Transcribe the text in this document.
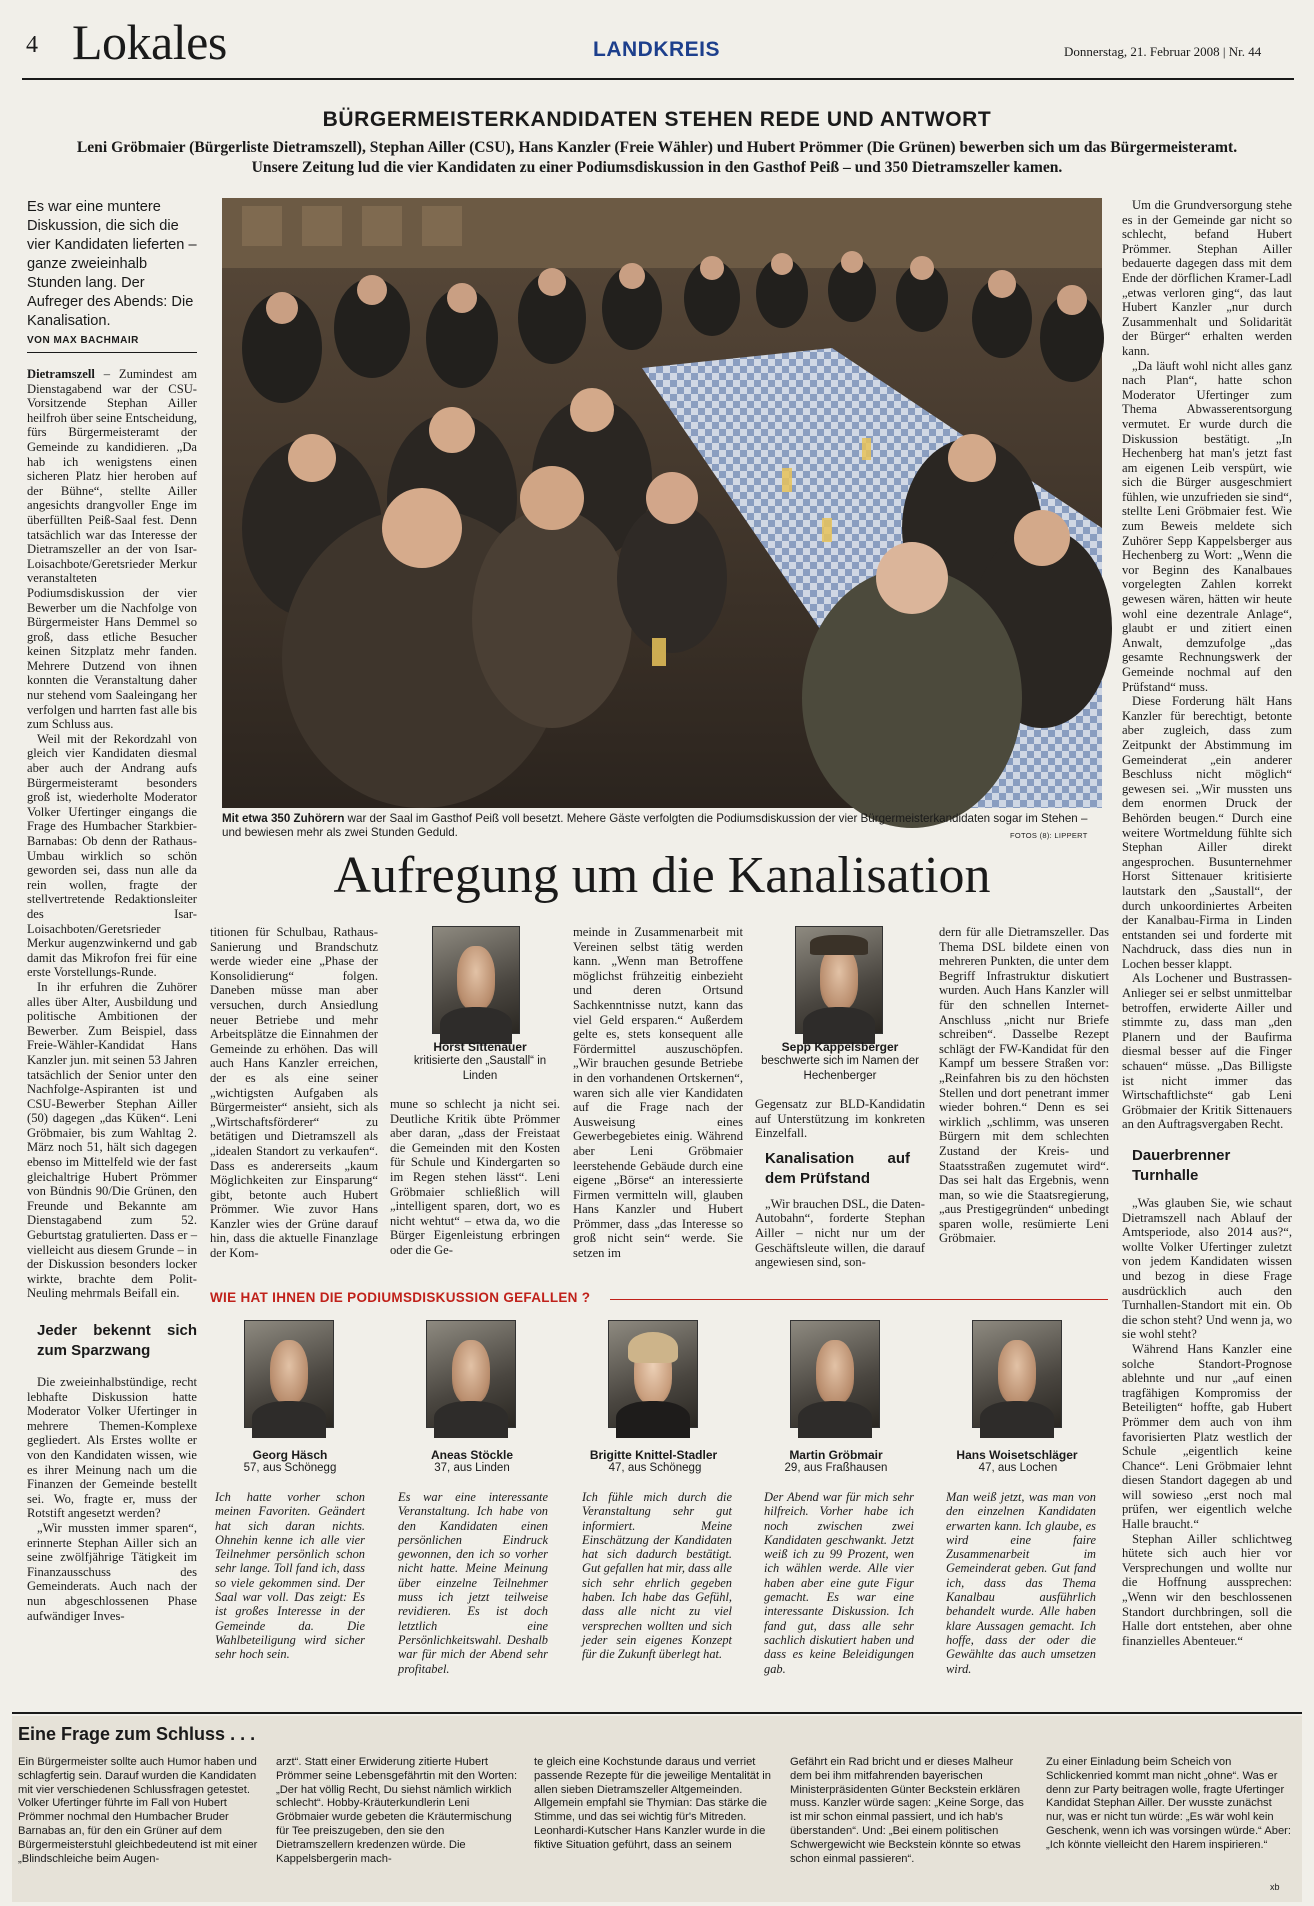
4 Lokales	LANDKREIS	Donnerstag, 21. Februar 2008 | Nr. 44
BÜRGERMEISTERKANDIDATEN STEHEN REDE UND ANTWORT
Leni Gröbmaier (Bürgerliste Dietramszell), Stephan Ailler (CSU), Hans Kanzler (Freie Wähler) und Hubert Prömmer (Die Grünen) bewerben sich um das Bürgermeisteramt.
Unsere Zeitung lud die vier Kandidaten zu einer Podiumsdiskussion in den Gasthof Peiß – und 350 Dietramszeller kamen.
Es war eine muntere Diskussion, die sich die vier Kandidaten lieferten – ganze zweieinhalb Stunden lang. Der Aufreger des Abends: Die Kanalisation.
VON MAX BACHMAIR
Mit etwa 350 Zuhörern war der Saal im Gasthof Peiß voll besetzt. Mehere Gäste verfolgten die Podiumsdiskussion der vier Bürgermeisterkandidaten sogar im Stehen – und bewiesen mehr als zwei Stunden Geduld.	FOTOS (8): LIPPERT
Aufregung um die Kanalisation

Dietramszell – Zumindest am Dienstagabend war der CSU-Vorsitzende Stephan Ailler heilfroh über seine Entscheidung, fürs Bürgermeisteramt der Gemeinde zu kandidieren. „Da hab ich wenigstens einen sicheren Platz hier heroben auf der Bühne“, stellte Ailler angesichts drangvoller Enge im überfüllten Peiß-Saal fest. Denn tatsächlich war das Interesse der Dietramszeller an der von Isar-Loisachbote/Geretsrieder Merkur veranstalteten Podiumsdiskussion der vier Bewerber um die Nachfolge von Bürgermeister Hans Demmel so groß, dass etliche Besucher keinen Sitzplatz mehr fanden. Mehrere Dutzend von ihnen konnten die Veranstaltung daher nur stehend vom Saaleingang her verfolgen und harrten fast alle bis zum Schluss aus.

Weil mit der Rekordzahl von gleich vier Kandidaten diesmal aber auch der Andrang aufs Bürgermeisteramt besonders groß ist, wiederholte Moderator Volker Ufertinger eingangs die Frage des Humbacher Starkbier-Barnabas: Ob denn der Rathaus-Umbau wirklich so schön geworden sei, dass nun alle da rein wollen, fragte der stellvertretende Redaktionsleiter des Isar-Loisachboten/Geretsrieder Merkur augenzwinkernd und gab damit das Mikrofon frei für eine erste Vorstellungs-Runde.

In ihr erfuhren die Zuhörer alles über Alter, Ausbildung und politische Ambitionen der Bewerber. Zum Beispiel, dass Freie-Wähler-Kandidat Hans Kanzler jun. mit seinen 53 Jahren tatsächlich der Senior unter den Nachfolge-Aspiranten ist und CSU-Bewerber Stephan Ailler (50) dagegen „das Küken“. Leni Gröbmaier, bis zum Wahltag 2. März noch 51, hält sich dagegen ebenso im Mittelfeld wie der fast gleichaltrige Hubert Prömmer von Bündnis 90/Die Grünen, den Freunde und Bekannte am Dienstagabend zum 52. Geburtstag gratulierten. Dass er – vielleicht aus diesem Grunde – in der Diskussion besonders locker wirkte, brachte dem Polit-Neuling mehrmals Beifall ein.

Jeder bekennt sich zum Sparzwang

Die zweieinhalbstündige, recht lebhafte Diskussion hatte Moderator Volker Ufertinger in mehrere Themen-Komplexe gegliedert. Als Erstes wollte er von den Kandidaten wissen, wie es ihrer Meinung nach um die Finanzen der Gemeinde bestellt sei. Wo, fragte er, muss der Rotstift angesetzt werden?

„Wir mussten immer sparen“, erinnerte Stephan Ailler sich an seine zwölfjährige Tätigkeit im Finanzausschuss des Gemeinderats. Auch nach der nun abgeschlossenen Phase aufwändiger Inves-

titionen für Schulbau, Rathaus-Sanierung und Brandschutz werde wieder eine „Phase der Konsolidierung“ folgen. Daneben müsse man aber versuchen, durch Ansiedlung neuer Betriebe und mehr Arbeitsplätze die Einnahmen der Gemeinde zu erhöhen. Das will auch Hans Kanzler erreichen, der es als eine seiner „wichtigsten Aufgaben als Bürgermeister“ ansieht, sich als „Wirtschaftsförderer“ zu betätigen und Dietramszell als „idealen Standort zu verkaufen“. Dass es andererseits „kaum Möglichkeiten zur Einsparung“ gibt, betonte auch Hubert Prömmer. Wie zuvor Hans Kanzler wies der Grüne darauf hin, dass die aktuelle Finanzlage der Kom-

Horst Sittenauer
kritisierte den „Saustall“ in Linden

mune so schlecht ja nicht sei. Deutliche Kritik übte Prömmer aber daran, „dass der Freistaat die Gemeinden mit den Kosten für Schule und Kindergarten so im Regen stehen lässt“. Leni Gröbmaier schließlich will „intelligent sparen, dort, wo es nicht wehtut“ – etwa da, wo die Bürger Eigenleistung erbringen oder die Ge-

meinde in Zusammenarbeit mit Vereinen selbst tätig werden kann. „Wenn man Betroffene möglichst frühzeitig einbezieht und deren Ortsund Sachkenntnisse nutzt, kann das viel Geld ersparen.“ Außerdem gelte es, stets konsequent alle Fördermittel auszuschöpfen. „Wir brauchen gesunde Betriebe in den vorhandenen Ortskernen“, waren sich alle vier Kandidaten auf die Frage nach der Ausweisung eines Gewerbegebietes einig. Während aber Leni Gröbmaier leerstehende Gebäude durch eine eigene „Börse“ an interessierte Firmen vermitteln will, glauben Hans Kanzler und Hubert Prömmer, dass „das Interesse so groß nicht sein“ werde. Sie setzen im

Sepp Kappelsberger
beschwerte sich im Namen der Hechenberger

Gegensatz zur BLD-Kandidatin auf Unterstützung im konkreten Einzelfall.

Kanalisation auf dem Prüfstand

„Wir brauchen DSL, die Daten-Autobahn“, forderte Stephan Ailler – nicht nur um der Geschäftsleute willen, die darauf angewiesen sind, son-

dern für alle Dietramszeller. Das Thema DSL bildete einen von mehreren Punkten, die unter dem Begriff Infrastruktur diskutiert wurden. Auch Hans Kanzler will für den schnellen Internet-Anschluss „nicht nur Briefe schreiben“. Dasselbe Rezept schlägt der FW-Kandidat für den Kampf um bessere Straßen vor: „Reinfahren bis zu den höchsten Stellen und dort penetrant immer wieder bohren.“ Denn es sei wirklich „schlimm, was unseren Bürgern mit dem schlechten Zustand der Kreis- und Staatsstraßen zugemutet wird“. Das sei halt das Ergebnis, wenn man, so wie die Staatsregierung, „aus Prestigegründen“ unbedingt sparen wolle, resümierte Leni Gröbmaier.

Um die Grundversorgung stehe es in der Gemeinde gar nicht so schlecht, befand Hubert Prömmer. Stephan Ailler bedauerte dagegen dass mit dem Ende der dörflichen Kramer-Ladl „etwas verloren ging“, das laut Hubert Kanzler „nur durch Zusammenhalt und Solidarität der Bürger“ erhalten werden kann.

„Da läuft wohl nicht alles ganz nach Plan“, hatte schon Moderator Ufertinger zum Thema Abwasserentsorgung vermutet. Er wurde durch die Diskussion bestätigt. „In Hechenberg hat man's jetzt fast am eigenen Leib verspürt, wie sich die Bürger ausgeschmiert fühlen, wie unzufrieden sie sind“, stellte Leni Gröbmaier fest. Wie zum Beweis meldete sich Zuhörer Sepp Kappelsberger aus Hechenberg zu Wort: „Wenn die vor Beginn des Kanalbaues vorgelegten Zahlen korrekt gewesen wären, hätten wir heute wohl eine dezentrale Anlage“, glaubt er und zitiert einen Anwalt, demzufolge „das gesamte Rechnungswerk der Gemeinde nochmal auf den Prüfstand“ muss.

Diese Forderung hält Hans Kanzler für berechtigt, betonte aber zugleich, dass zum Zeitpunkt der Abstimmung im Gemeinderat „ein anderer Beschluss nicht möglich“ gewesen sei. „Wir mussten uns dem enormen Druck der Behörden beugen.“ Durch eine weitere Wortmeldung fühlte sich Stephan Ailler direkt angesprochen. Busunternehmer Horst Sittenauer kritisierte lautstark den „Saustall“, der durch unkoordiniertes Arbeiten der Kanalbau-Firma in Linden entstanden sei und forderte mit Nachdruck, dass dies nun in Lochen besser klappt.

Als Lochener und Bustrassen-Anlieger sei er selbst unmittelbar betroffen, erwiderte Ailler und stimmte zu, dass man „den Planern und der Baufirma diesmal besser auf die Finger schauen“ müsse. „Das Billigste ist nicht immer das Wirtschaftlichste“ gab Leni Gröbmaier der Kritik Sittenauers an den Auftragsvergaben Recht.

Dauerbrenner Turnhalle

„Was glauben Sie, wie schaut Dietramszell nach Ablauf der Amtsperiode, also 2014 aus?“, wollte Volker Ufertinger zuletzt von jedem Kandidaten wissen und bezog in diese Frage ausdrücklich auch den Turnhallen-Standort mit ein. Ob die schon steht? Und wenn ja, wo sie wohl steht?

Während Hans Kanzler eine solche Standort-Prognose ablehnte und nur „auf einen tragfähigen Kompromiss der Beteiligten“ hoffte, gab Hubert Prömmer dem auch von ihm favorisierten Platz westlich der Schule „eigentlich keine Chance“. Leni Gröbmaier lehnt diesen Standort dagegen ab und will sowieso „erst noch mal prüfen, wer eigentlich welche Halle braucht.“

Stephan Ailler schlichtweg hütete sich auch hier vor Versprechungen und wollte nur die Hoffnung aussprechen: „Wenn wir den beschlossenen Standort durchbringen, soll die Halle dort entstehen, aber ohne finanzielles Abenteuer.“

WIE HAT IHNEN DIE PODIUMSDISKUSSION GEFALLEN ?
Georg Häsch
57, aus Schönegg
Ich hatte vorher schon meinen Favoriten. Geändert hat sich daran nichts. Ohnehin kenne ich alle vier Teilnehmer persönlich schon sehr lange. Toll fand ich, dass so viele gekommen sind. Der Saal war voll. Das zeigt: Es ist großes Interesse in der Gemeinde da. Die Wahlbeteiligung wird sicher sehr hoch sein.
Aneas Stöckle
37, aus Linden
Es war eine interessante Veranstaltung. Ich habe von den Kandidaten einen persönlichen Eindruck gewonnen, den ich so vorher nicht hatte. Meine Meinung über einzelne Teilnehmer muss ich jetzt teilweise revidieren. Es ist doch letztlich eine Persönlichkeitswahl. Deshalb war für mich der Abend sehr profitabel.
Brigitte Knittel-Stadler
47, aus Schönegg
Ich fühle mich durch die Veranstaltung sehr gut informiert. Meine Einschätzung der Kandidaten hat sich dadurch bestätigt. Gut gefallen hat mir, dass alle sich sehr ehrlich gegeben haben. Ich habe das Gefühl, dass alle nicht zu viel versprechen wollten und sich jeder sein eigenes Konzept für die Zukunft überlegt hat.
Martin Gröbmair
29, aus Fraßhausen
Der Abend war für mich sehr hilfreich. Vorher habe ich noch zwischen zwei Kandidaten geschwankt. Jetzt weiß ich zu 99 Prozent, wen ich wählen werde. Alle vier haben aber eine gute Figur gemacht. Es war eine interessante Diskussion. Ich fand gut, dass alle sehr sachlich diskutiert haben und dass es keine Beleidigungen gab.
Hans Woisetschläger
47, aus Lochen
Man weiß jetzt, was man von den einzelnen Kandidaten erwarten kann. Ich glaube, es wird eine faire Zusammenarbeit im Gemeinderat geben. Gut fand ich, dass das Thema Kanalbau ausführlich behandelt wurde. Alle haben klare Aussagen gemacht. Ich hoffe, dass der oder die Gewählte das auch umsetzen wird.
Eine Frage zum Schluss . . .
Ein Bürgermeister sollte auch Humor haben und schlagfertig sein. Darauf wurden die Kandidaten mit vier verschiedenen Schlussfragen getestet. Volker Ufertinger führte im Fall von Hubert Prömmer nochmal den Humbacher Bruder Barnabas an, für den ein Grüner auf dem Bürgermeisterstuhl gleichbedeutend ist mit einer „Blindschleiche beim Augen-
arzt“. Statt einer Erwiderung zitierte Hubert Prömmer seine Lebensgefährtin mit den Worten: „Der hat völlig Recht, Du siehst nämlich wirklich schlecht“. Hobby-Kräuterkundlerin Leni Gröbmaier wurde gebeten die Kräutermischung für Tee preiszugeben, den sie den Dietramszellern kredenzen würde. Die Kappelsbergerin mach-
te gleich eine Kochstunde daraus und verriet passende Rezepte für die jeweilige Mentalität in allen sieben Dietramszeller Altgemeinden. Allgemein empfahl sie Thymian: Das stärke die Stimme, und das sei wichtig für's Mitreden. Leonhardi-Kutscher Hans Kanzler wurde in die fiktive Situation geführt, dass an seinem
Gefährt ein Rad bricht und er dieses Malheur dem bei ihm mitfahrenden bayerischen Ministerpräsidenten Günter Beckstein erklären muss. Kanzler würde sagen: „Keine Sorge, das ist mir schon einmal passiert, und ich hab's überstanden“. Und: „Bei einem politischen Schwergewicht wie Beckstein könnte so etwas schon einmal passieren“.
Zu einer Einladung beim Scheich von Schlickenried kommt man nicht „ohne“. Was er denn zur Party beitragen wolle, fragte Ufertinger Kandidat Stephan Ailler. Der wusste zunächst nur, was er nicht tun würde: „Es wär wohl kein Geschenk, wenn ich was vorsingen würde.“ Aber: „Ich könnte vielleicht den Harem inspirieren.“
xb
